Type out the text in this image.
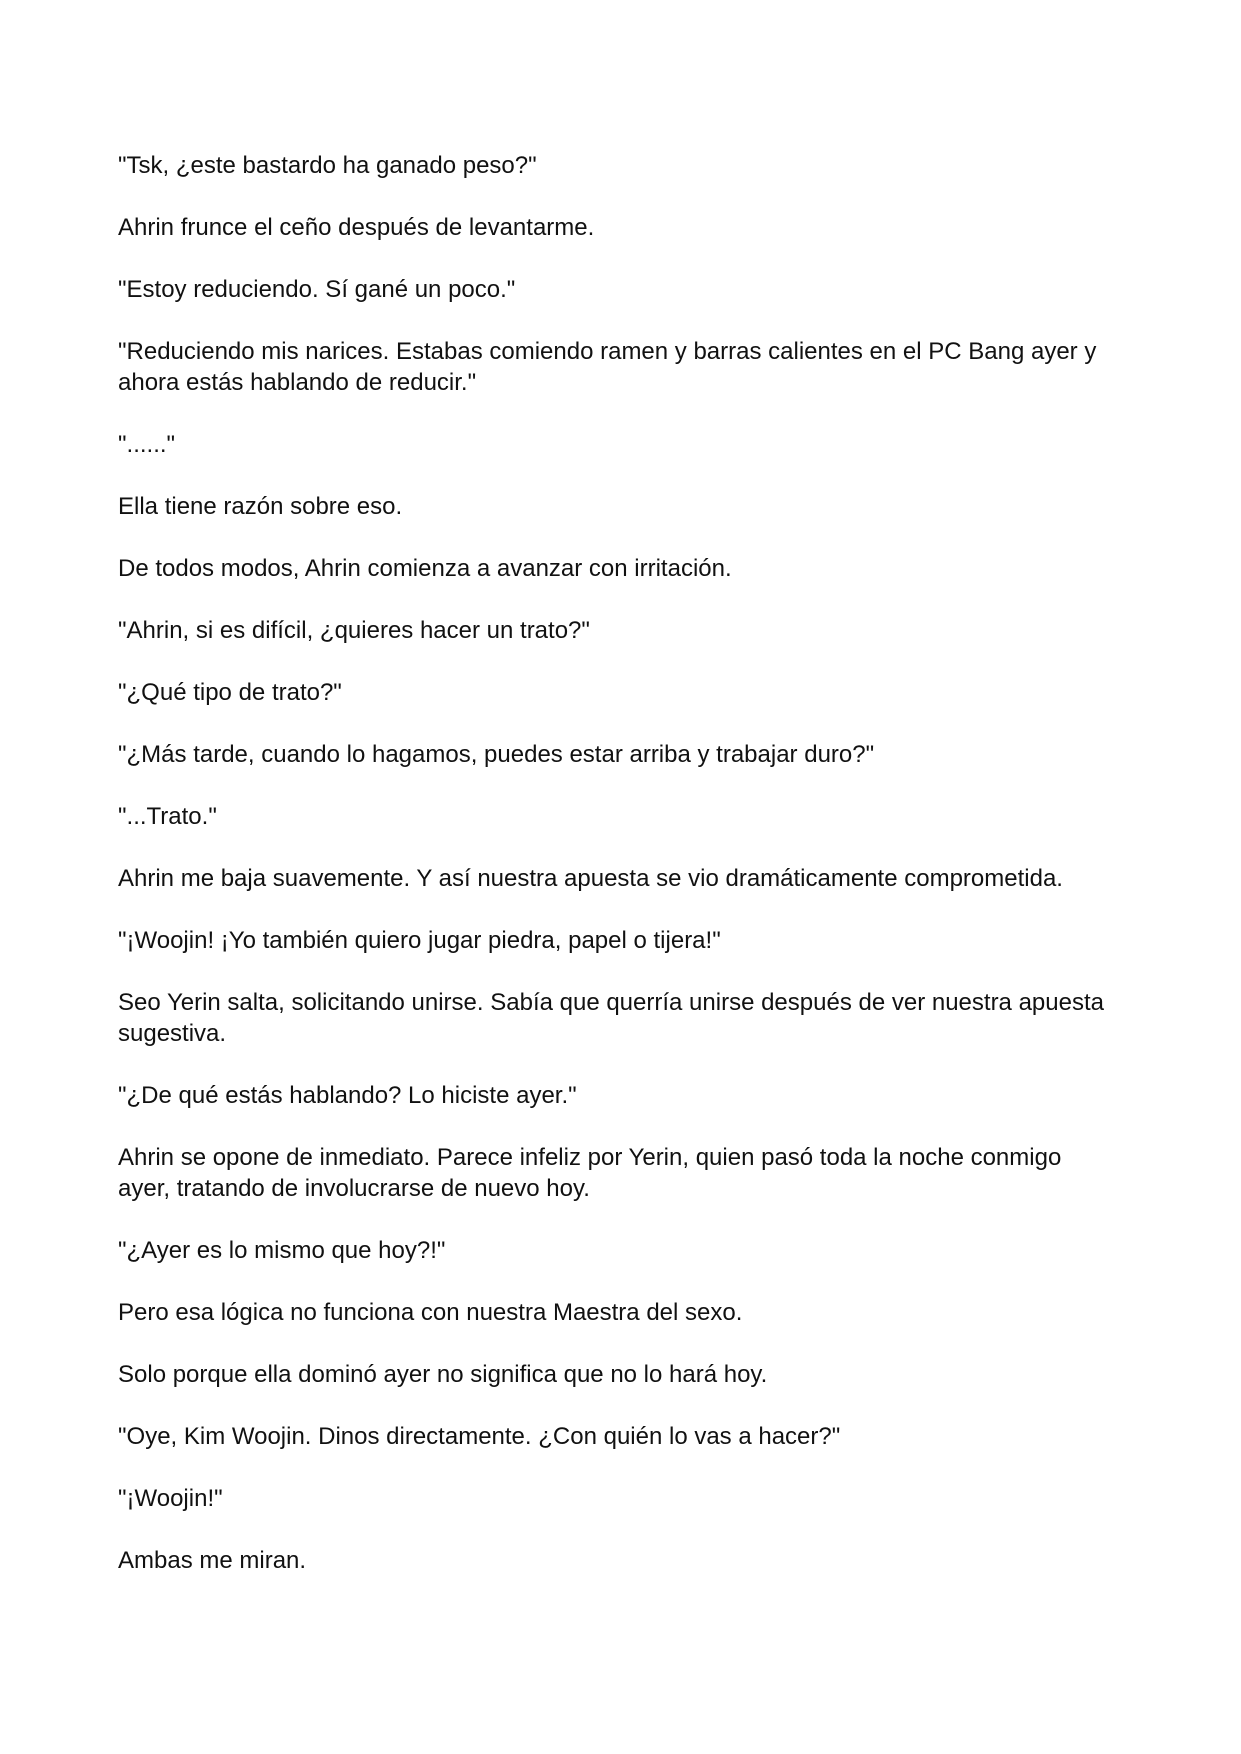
"Tsk, ¿este bastardo ha ganado peso?"

Ahrin frunce el ceño después de levantarme.

"Estoy reduciendo. Sí gané un poco."

"Reduciendo mis narices. Estabas comiendo ramen y barras calientes en el PC Bang ayer y ahora estás hablando de reducir."

"......"

Ella tiene razón sobre eso.

De todos modos, Ahrin comienza a avanzar con irritación.

"Ahrin, si es difícil, ¿quieres hacer un trato?"

"¿Qué tipo de trato?"

"¿Más tarde, cuando lo hagamos, puedes estar arriba y trabajar duro?"

"...Trato."

Ahrin me baja suavemente. Y así nuestra apuesta se vio dramáticamente comprometida.

"¡Woojin! ¡Yo también quiero jugar piedra, papel o tijera!"

Seo Yerin salta, solicitando unirse. Sabía que querría unirse después de ver nuestra apuesta sugestiva.

"¿De qué estás hablando? Lo hiciste ayer."

Ahrin se opone de inmediato. Parece infeliz por Yerin, quien pasó toda la noche conmigo ayer, tratando de involucrarse de nuevo hoy.

"¿Ayer es lo mismo que hoy?!"

Pero esa lógica no funciona con nuestra Maestra del sexo.

Solo porque ella dominó ayer no significa que no lo hará hoy.

"Oye, Kim Woojin. Dinos directamente. ¿Con quién lo vas a hacer?"

"¡Woojin!"

Ambas me miran.
